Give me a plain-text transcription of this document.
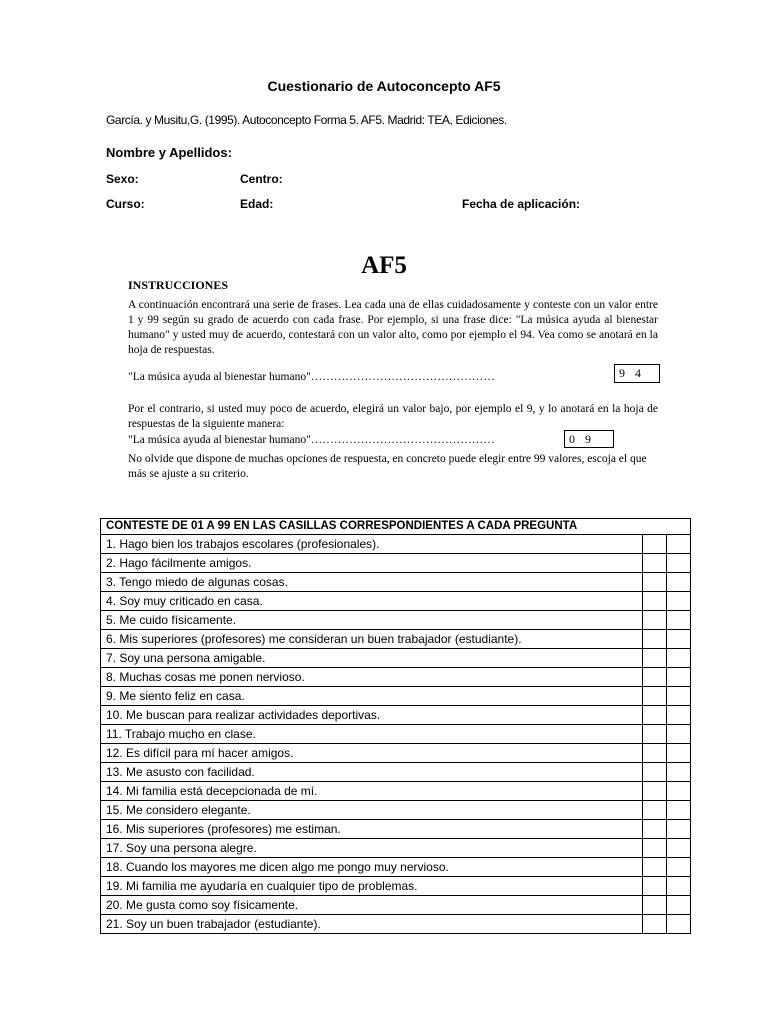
Cuestionario de Autoconcepto AF5
García. y Musitu,G. (1995). Autoconcepto Forma 5. AF5. Madrid: TEA, Ediciones.
Nombre y Apellidos:
Sexo:	Centro:
Curso:	Edad:	Fecha de aplicación:
AF5
INSTRUCCIONES
A continuación encontrará una serie de frases. Lea cada una de ellas cuidadosamente y conteste con un valor entre 1 y 99 según su grado de acuerdo con cada frase. Por ejemplo, si una frase dice: "La música ayuda al bienestar humano" y usted muy de acuerdo, contestará con un valor alto, como por ejemplo el 94. Vea como se anotará en la hoja de respuestas.
"La música ayuda al bienestar humano"…………………………………………	94
Por el contrario, si usted muy poco de acuerdo, elegirá un valor bajo, por ejemplo el 9, y lo anotará en la hoja de respuestas de la siguiente manera:
"La música ayuda al bienestar humano"…………………………………………	09
No olvide que dispone de muchas opciones de respuesta, en concreto puede elegir entre 99 valores, escoja el que más se ajuste a su criterio.
CONTESTE DE 01 A 99 EN LAS CASILLAS CORRESPONDIENTES A CADA PREGUNTA		
1. Hago bien los trabajos escolares (profesionales).		
2. Hago fácilmente amigos.		
3. Tengo miedo de algunas cosas.		
4. Soy muy criticado en casa.		
5. Me cuido físicamente.		
6. Mis superiores (profesores) me consideran un buen trabajador (estudiante).		
7. Soy una persona amigable.		
8. Muchas cosas me ponen nervioso.		
9. Me siento feliz en casa.		
10. Me buscan para realizar actividades deportivas.		
11. Trabajo mucho en clase.		
12. Es difícil para mí hacer amigos.		
13. Me asusto con facilidad.		
14. Mi familia está decepcionada de mí.		
15. Me considero elegante.		
16. Mis superiores (profesores) me estiman.		
17. Soy una persona alegre.		
18. Cuando los mayores me dicen algo me pongo muy nervioso.		
19. Mi familia me ayudaría en cualquier tipo de problemas.		
20. Me gusta como soy físicamente.		
21. Soy un buen trabajador (estudiante).		
